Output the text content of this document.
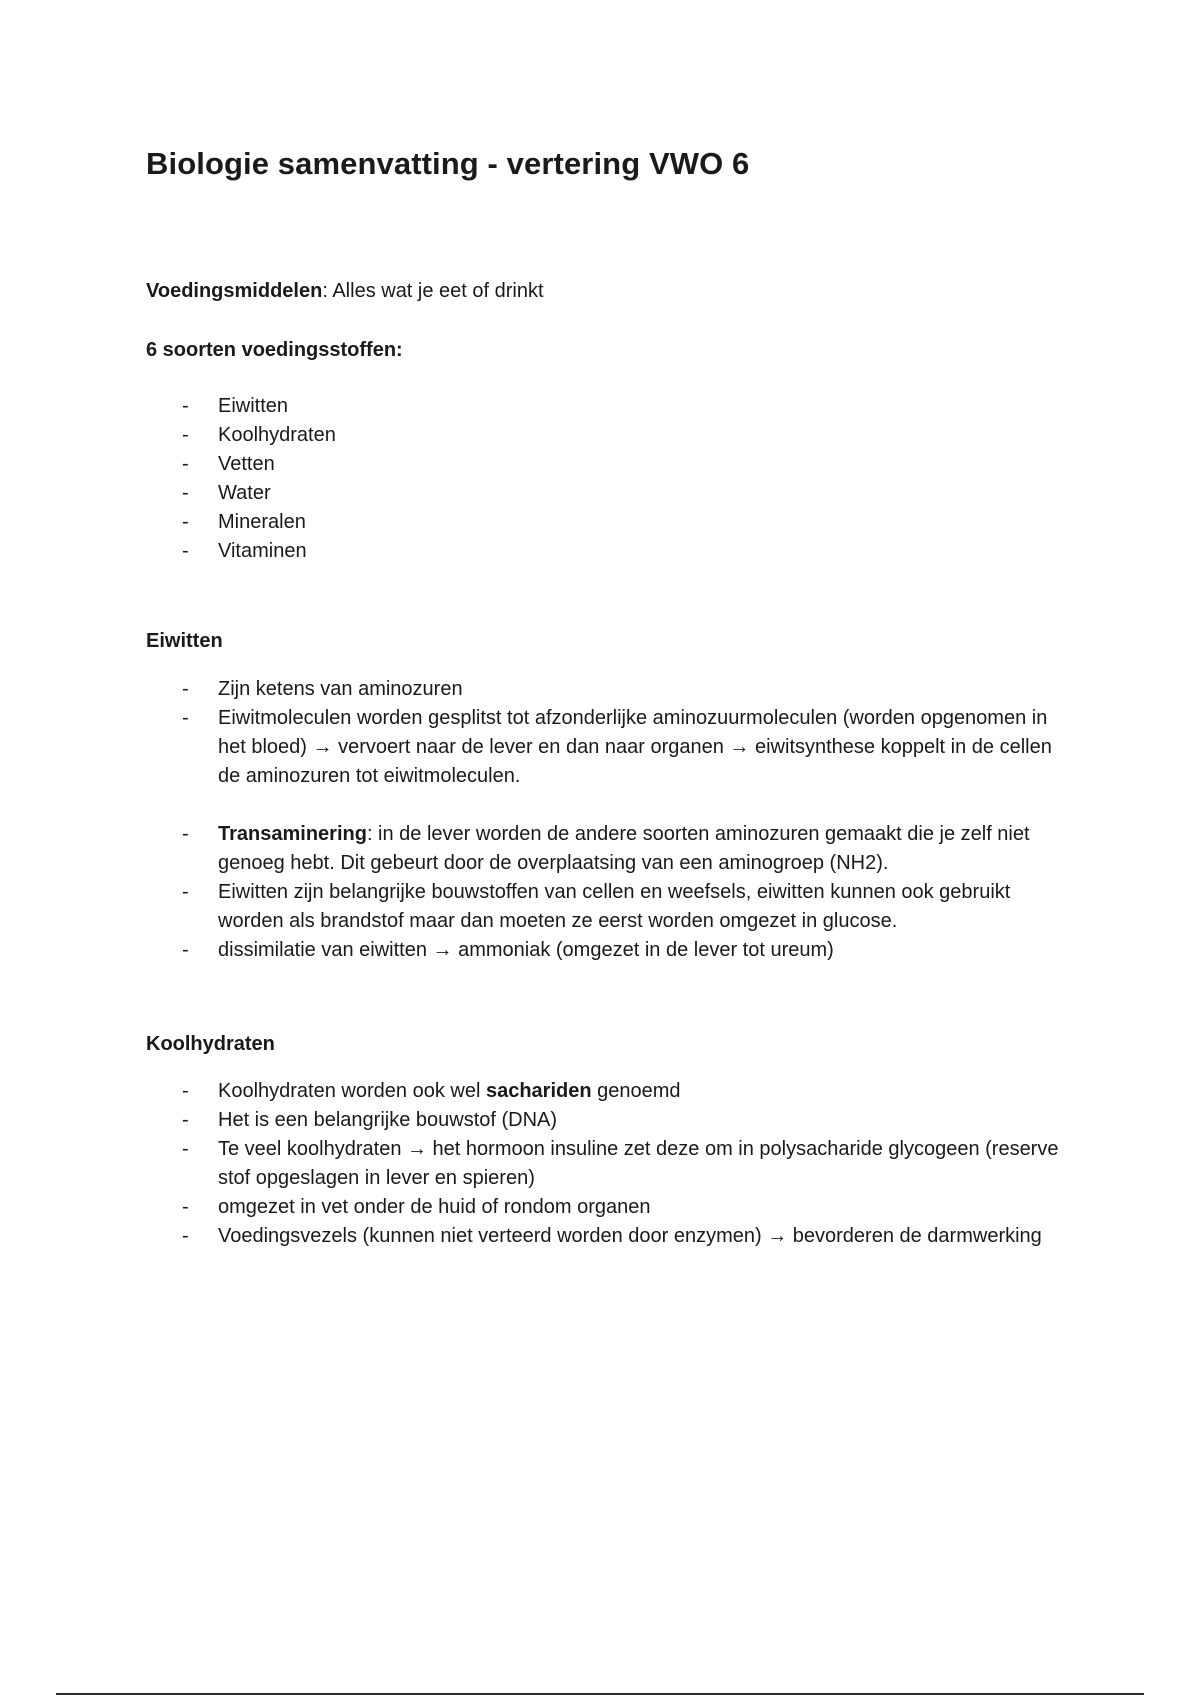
Biologie samenvatting - vertering VWO 6
Voedingsmiddelen: Alles wat je eet of drinkt
6 soorten voedingsstoffen:
- Eiwitten
- Koolhydraten
- Vetten
- Water
- Mineralen
- Vitaminen
Eiwitten
- Zijn ketens van aminozuren
- Eiwitmoleculen worden gesplitst tot afzonderlijke aminozuurmoleculen (worden opgenomen in het bloed) → vervoert naar de lever en dan naar organen → eiwitsynthese koppelt in de cellen de aminozuren tot eiwitmoleculen.
- Transaminering: in de lever worden de andere soorten aminozuren gemaakt die je zelf niet genoeg hebt. Dit gebeurt door de overplaatsing van een aminogroep (NH2).
- Eiwitten zijn belangrijke bouwstoffen van cellen en weefsels, eiwitten kunnen ook gebruikt worden als brandstof maar dan moeten ze eerst worden omgezet in glucose.
- dissimilatie van eiwitten → ammoniak (omgezet in de lever tot ureum)
Koolhydraten
- Koolhydraten worden ook wel sachariden genoemd
- Het is een belangrijke bouwstof (DNA)
- Te veel koolhydraten → het hormoon insuline zet deze om in polysacharide glycogeen (reserve stof opgeslagen in lever en spieren)
- omgezet in vet onder de huid of rondom organen
- Voedingsvezels (kunnen niet verteerd worden door enzymen) → bevorderen de darmwerking
